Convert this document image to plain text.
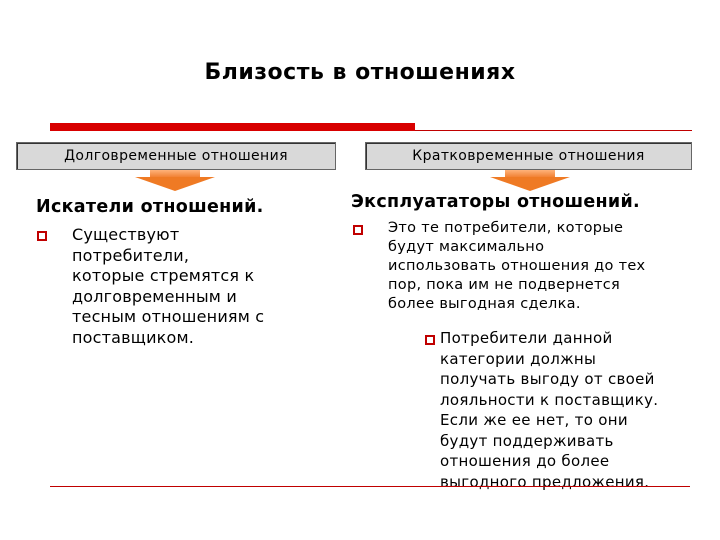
Близость в отношениях
Долговременные отношения	Кратковременные отношения
Искатели отношений.
Существуют
потребители,
которые стремятся к
долговременным и
тесным отношениям с
поставщиком.
Эксплуататоры отношений.
Это те потребители, которые
будут максимально
использовать отношения до тех
пор, пока им не подвернется
более выгодная сделка.
Потребители данной
категории должны
получать выгоду от своей
лояльности к поставщику.
Если же ее нет, то они
будут поддерживать
отношения до более
выгодного предложения.
